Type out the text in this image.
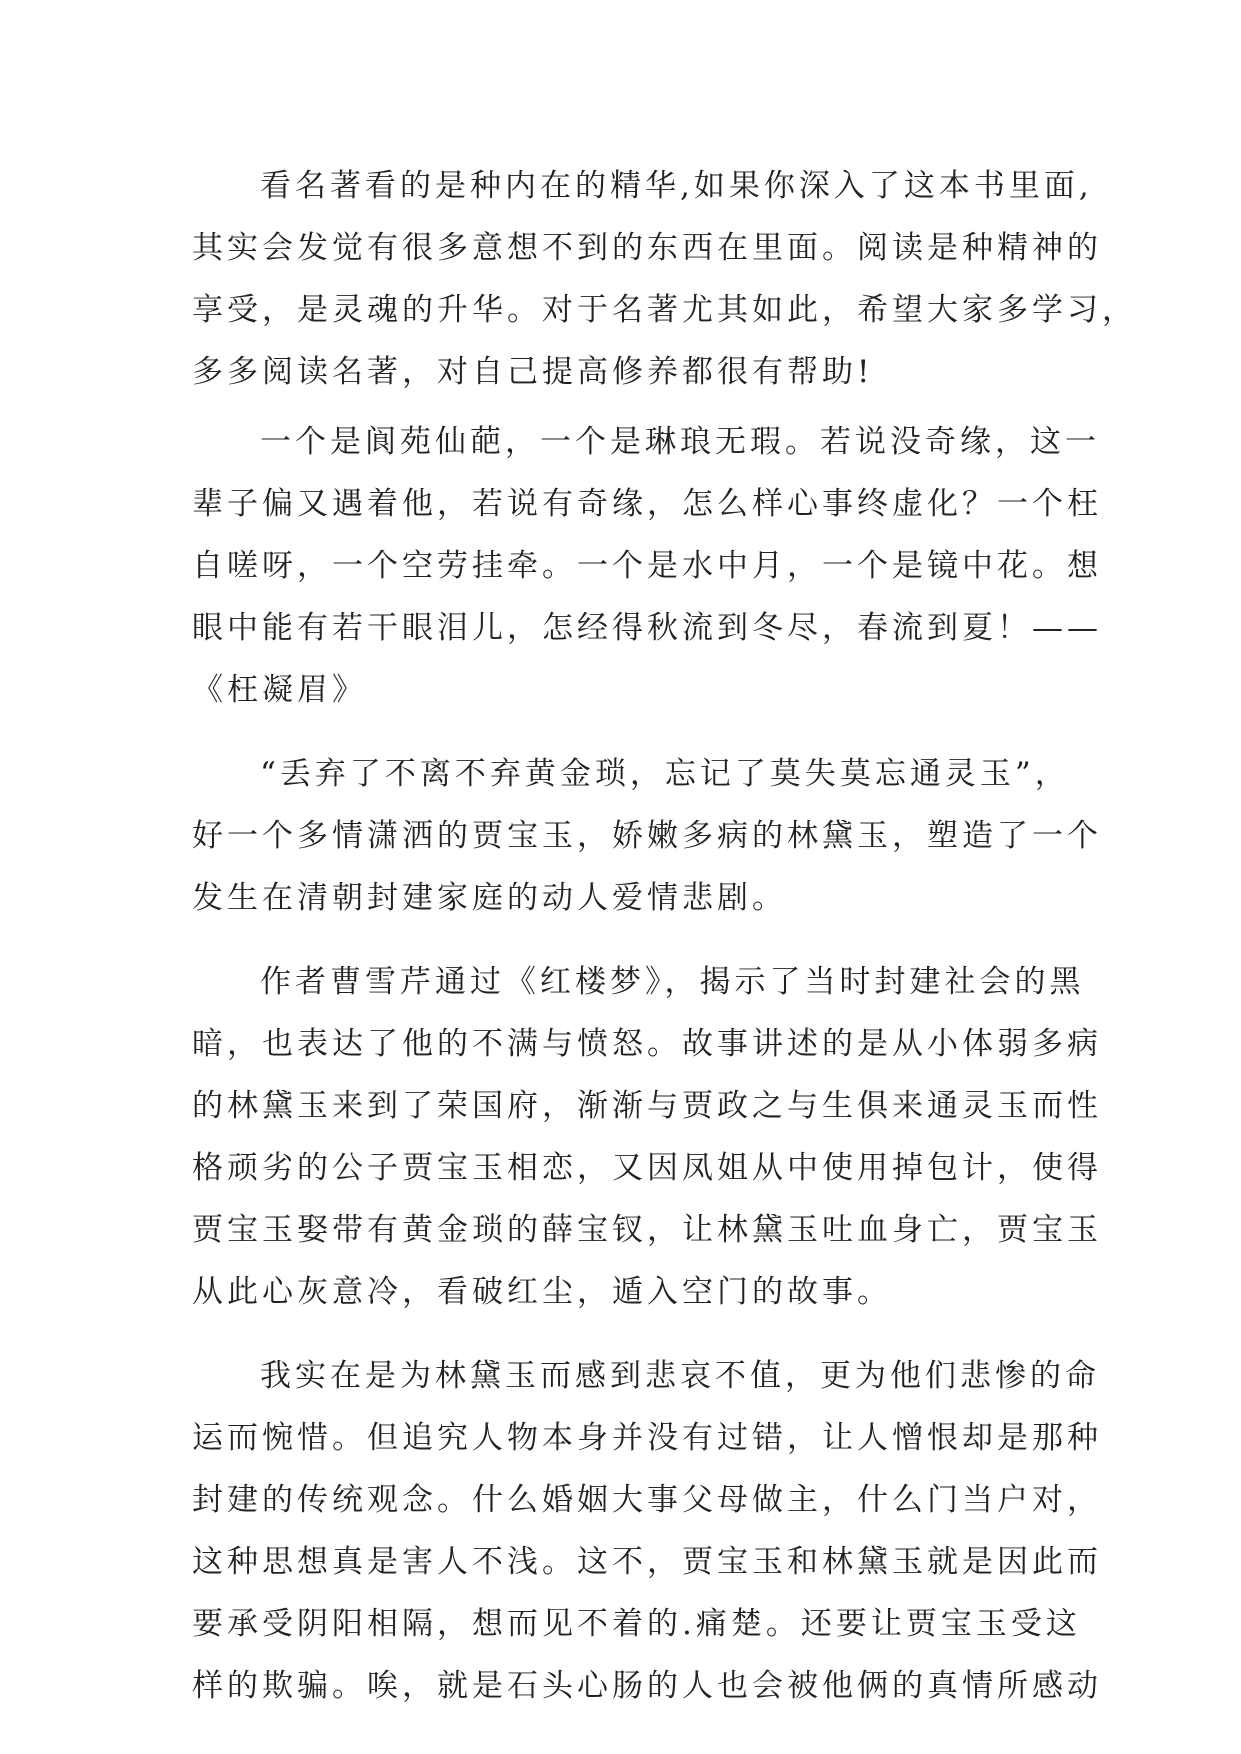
看名著看的是种内在的精华,如果你深入了这本书里面,
其实会发觉有很多意想不到的东西在里面。阅读是种精神的
享受，是灵魂的升华。对于名著尤其如此，希望大家多学习，
多多阅读名著，对自己提高修养都很有帮助!
一个是阆苑仙葩，一个是琳琅无瑕。若说没奇缘，这一
辈子偏又遇着他，若说有奇缘，怎么样心事终虚化？一个枉
自嗟呀，一个空劳挂牵。一个是水中月，一个是镜中花。想
眼中能有若干眼泪儿，怎经得秋流到冬尽，春流到夏！——
《枉凝眉》
“丢弃了不离不弃黄金琐，忘记了莫失莫忘通灵玉”，
好一个多情潇洒的贾宝玉，娇嫩多病的林黛玉，塑造了一个
发生在清朝封建家庭的动人爱情悲剧。
作者曹雪芹通过《红楼梦》，揭示了当时封建社会的黑
暗，也表达了他的不满与愤怒。故事讲述的是从小体弱多病
的林黛玉来到了荣国府，渐渐与贾政之与生俱来通灵玉而性
格顽劣的公子贾宝玉相恋，又因凤姐从中使用掉包计，使得
贾宝玉娶带有黄金琐的薛宝钗，让林黛玉吐血身亡，贾宝玉
从此心灰意冷，看破红尘，遁入空门的故事。
我实在是为林黛玉而感到悲哀不值，更为他们悲惨的命
运而惋惜。但追究人物本身并没有过错，让人憎恨却是那种
封建的传统观念。什么婚姻大事父母做主，什么门当户对，
这种思想真是害人不浅。这不，贾宝玉和林黛玉就是因此而
要承受阴阳相隔，想而见不着的.痛楚。还要让贾宝玉受这
样的欺骗。唉，就是石头心肠的人也会被他俩的真情所感动
